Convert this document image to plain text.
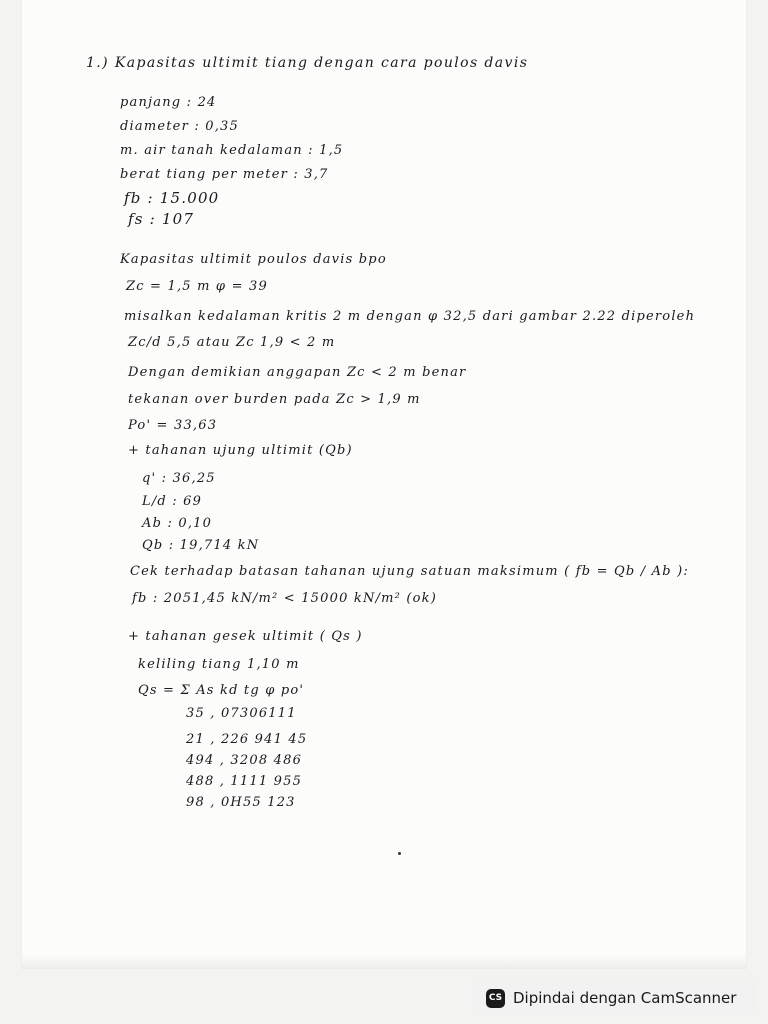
1.) Kapasitas ultimit tiang dengan cara poulos davis
panjang : 24
diameter : 0,35
m. air tanah kedalaman : 1,5
berat tiang per meter : 3,7
fb : 15.000
fs : 107
Kapasitas ultimit poulos davis bpo
Zc = 1,5 m φ = 39
misalkan kedalaman kritis 2 m dengan φ 32,5 dari gambar 2.22 diperoleh
Zc/d 5,5 atau Zc 1,9 < 2 m
Dengan demikian anggapan Zc < 2 m benar
tekanan over burden pada Zc > 1,9 m
Po' = 33,63
+ tahanan ujung ultimit (Qb)
q' : 36,25
L/d : 69
Ab : 0,10
Qb : 19,714 kN
Cek terhadap batasan tahanan ujung satuan maksimum ( fb = Qb / Ab ):
fb : 2051,45 kN/m² < 15000 kN/m² (ok)
+ tahanan gesek ultimit ( Qs )
keliling tiang 1,10 m
Qs = Σ As kd tg φ po'
35 , 07306111
21 , 226 941 45
494 , 3208 486
488 , 1111 955
98 , 0H55 123
CS Dipindai dengan CamScanner
